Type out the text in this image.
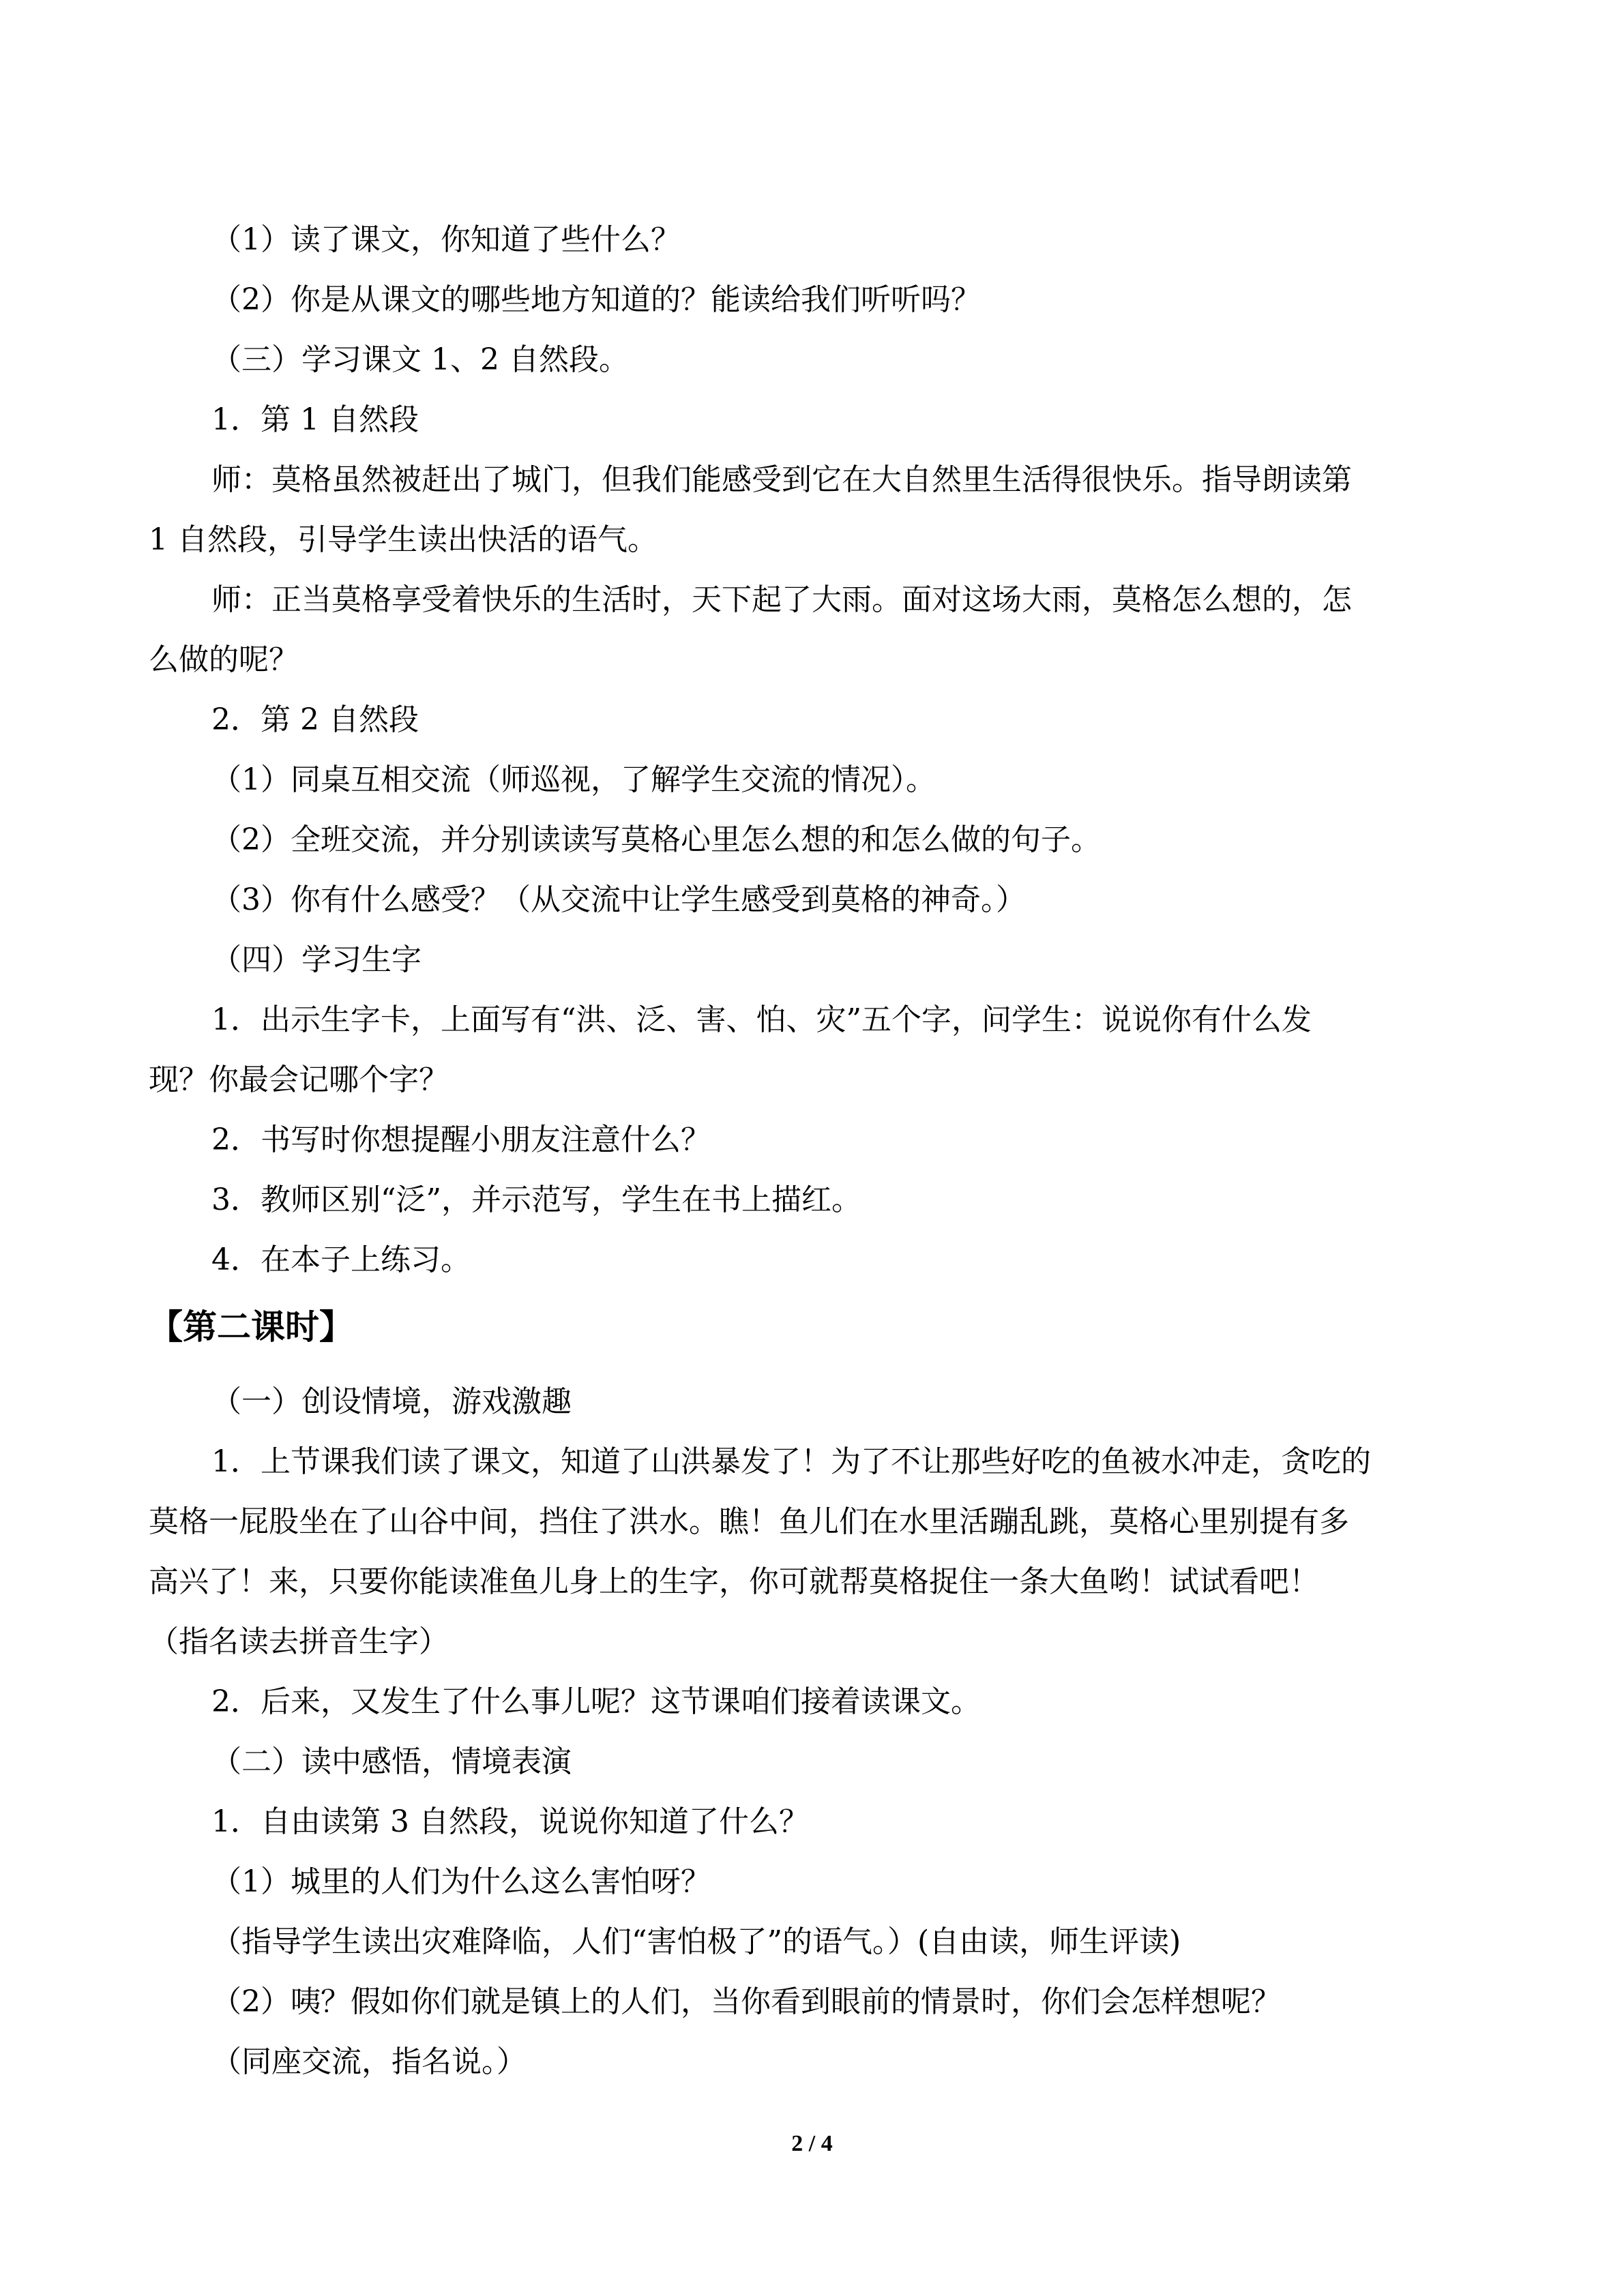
（1）读了课文，你知道了些什么？
（2）你是从课文的哪些地方知道的？能读给我们听听吗？
（三）学习课文 1、2 自然段。
1．第 1 自然段
师：莫格虽然被赶出了城门，但我们能感受到它在大自然里生活得很快乐。指导朗读第
1 自然段，引导学生读出快活的语气。
师：正当莫格享受着快乐的生活时，天下起了大雨。面对这场大雨，莫格怎么想的，怎
么做的呢？
2．第 2 自然段
（1）同桌互相交流（师巡视，了解学生交流的情况）。
（2）全班交流，并分别读读写莫格心里怎么想的和怎么做的句子。
（3）你有什么感受？（从交流中让学生感受到莫格的神奇。）
（四）学习生字
1．出示生字卡，上面写有“洪、泛、害、怕、灾”五个字，问学生：说说你有什么发
现？你最会记哪个字？
2．书写时你想提醒小朋友注意什么？
3．教师区别“泛”，并示范写，学生在书上描红。
4．在本子上练习。
【第二课时】
（一）创设情境，游戏激趣
1．上节课我们读了课文，知道了山洪暴发了！为了不让那些好吃的鱼被水冲走，贪吃的
莫格一屁股坐在了山谷中间，挡住了洪水。瞧！鱼儿们在水里活蹦乱跳，莫格心里别提有多
高兴了！来，只要你能读准鱼儿身上的生字，你可就帮莫格捉住一条大鱼哟！试试看吧！
（指名读去拼音生字）
2．后来，又发生了什么事儿呢？这节课咱们接着读课文。
（二）读中感悟，情境表演
1．自由读第 3 自然段，说说你知道了什么？
（1）城里的人们为什么这么害怕呀？
（指导学生读出灾难降临，人们“害怕极了”的语气。）(自由读，师生评读)
（2）咦？假如你们就是镇上的人们，当你看到眼前的情景时，你们会怎样想呢？
（同座交流，指名说。）
2 / 4
